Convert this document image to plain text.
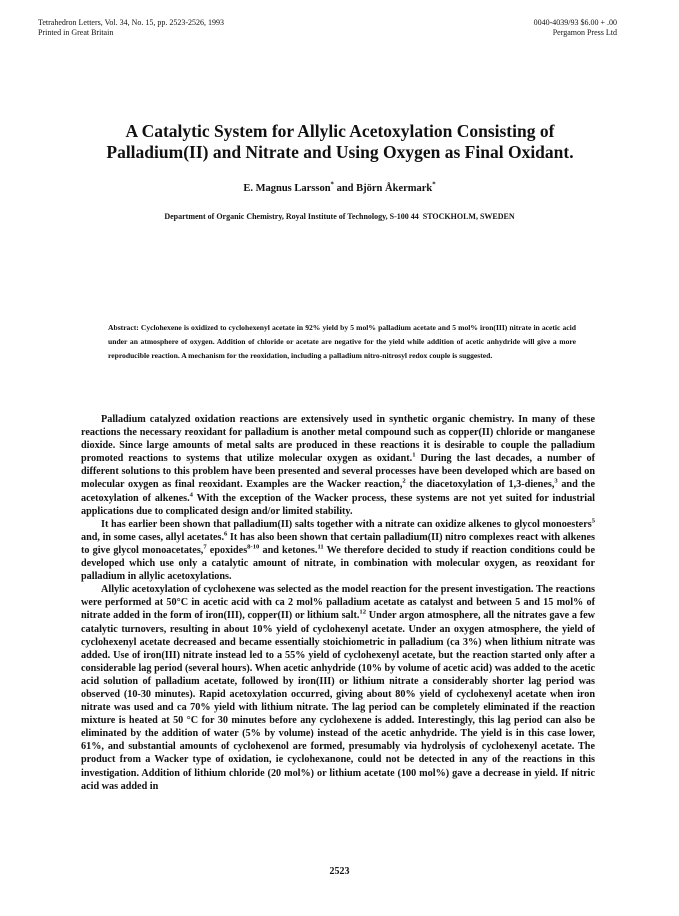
Tetrahedron Letters, Vol. 34, No. 15, pp. 2523-2526, 1993
Printed in Great Britain
0040-4039/93 $6.00 + .00
Pergamon Press Ltd
A Catalytic System for Allylic Acetoxylation Consisting of
Palladium(II) and Nitrate and Using Oxygen as Final Oxidant.
E. Magnus Larsson* and Björn Åkermark*
Department of Organic Chemistry, Royal Institute of Technology, S-100 44  STOCKHOLM, SWEDEN
Abstract: Cyclohexene is oxidized to cyclohexenyl acetate in 92% yield by 5 mol% palladium acetate and 5 mol% iron(III) nitrate in acetic acid under an atmosphere of oxygen. Addition of chloride or acetate are negative for the yield while addition of acetic anhydride will give a more reproducible reaction. A mechanism for the reoxidation, including a palladium nitro-nitrosyl redox couple is suggested.

Palladium catalyzed oxidation reactions are extensively used in synthetic organic chemistry. In many of these reactions the necessary reoxidant for palladium is another metal compound such as copper(II) chloride or manganese dioxide. Since large amounts of metal salts are produced in these reactions it is desirable to couple the palladium promoted reactions to systems that utilize molecular oxygen as oxidant.$^1$ During the last decades, a number of different solutions to this problem have been presented and several processes have been developed which are based on molecular oxygen as final reoxidant. Examples are the Wacker reaction,$^2$ the diacetoxylation of 1,3-dienes,$^3$ and the acetoxylation of alkenes.$^4$ With the exception of the Wacker process, these systems are not yet suited for industrial applications due to complicated design and/or limited stability.

It has earlier been shown that palladium(II) salts together with a nitrate can oxidize alkenes to glycol monoesters$^5$ and, in some cases, allyl acetates.$^6$ It has also been shown that certain palladium(II) nitro complexes react with alkenes to give glycol monoacetates,$^7$ epoxides$^{8-10}$ and ketones.$^{11}$ We therefore decided to study if reaction conditions could be developed which use only a catalytic amount of nitrate, in combination with molecular oxygen, as reoxidant for palladium in allylic acetoxylations.

Allylic acetoxylation of cyclohexene was selected as the model reaction for the present investigation. The reactions were performed at 50°C in acetic acid with ca 2 mol% palladium acetate as catalyst and between 5 and 15 mol% of nitrate added in the form of iron(III), copper(II) or lithium salt.$^{12}$ Under argon atmosphere, all the nitrates gave a few catalytic turnovers, resulting in about 10% yield of cyclohexenyl acetate. Under an oxygen atmosphere, the yield of cyclohexenyl acetate decreased and became essentially stoichiometric in palladium (ca 3%) when lithium nitrate was added. Use of iron(III) nitrate instead led to a 55% yield of cyclohexenyl acetate, but the reaction started only after a considerable lag period (several hours). When acetic anhydride (10% by volume of acetic acid) was added to the acetic acid solution of palladium acetate, followed by iron(III) or lithium nitrate a considerably shorter lag period was observed (10-30 minutes). Rapid acetoxylation occurred, giving about 80% yield of cyclohexenyl acetate when iron nitrate was used and ca 70% yield with lithium nitrate. The lag period can be completely eliminated if the reaction mixture is heated at 50 °C for 30 minutes before any cyclohexene is added. Interestingly, this lag period can also be eliminated by the addition of water (5% by volume) instead of the acetic anhydride. The yield is in this case lower, 61%, and substantial amounts of cyclohexenol are formed, presumably via hydrolysis of cyclohexenyl acetate. The product from a Wacker type of oxidation, ie cyclohexanone, could not be detected in any of the reactions in this investigation. Addition of lithium chloride (20 mol%) or lithium acetate (100 mol%) gave a decrease in yield. If nitric acid was added in

2523
